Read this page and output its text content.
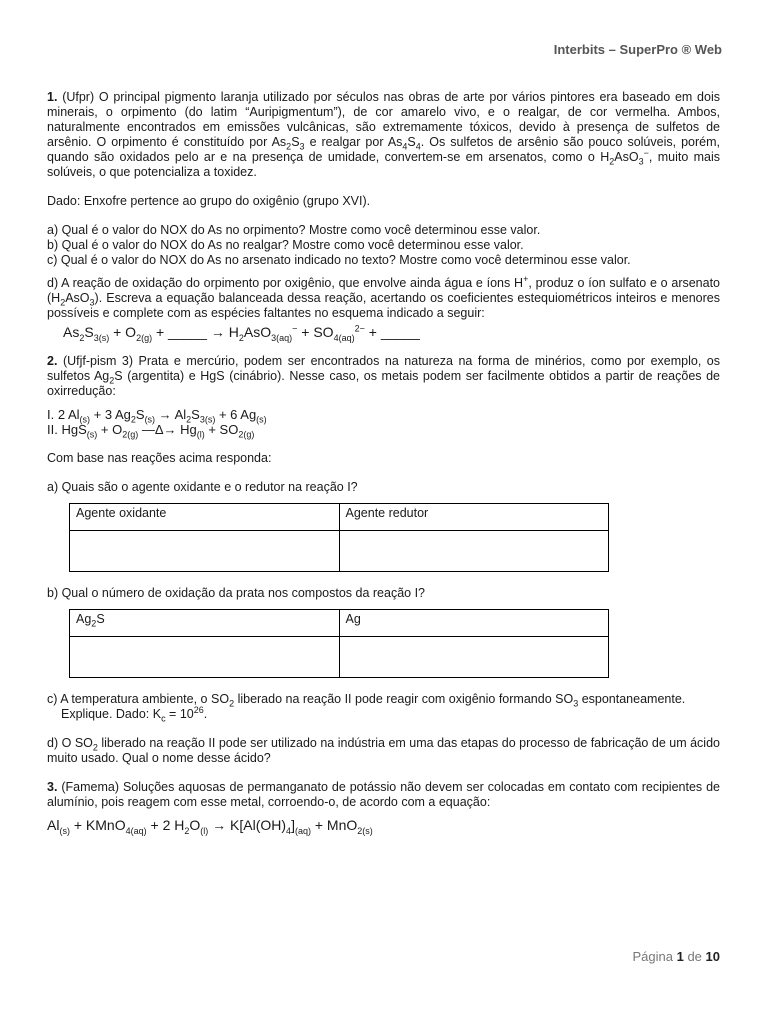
Interbits – SuperPro ® Web

1. (Ufpr) O principal pigmento laranja utilizado por séculos nas obras de arte por vários pintores era baseado em dois minerais, o orpimento (do latim “Auripigmentum”), de cor amarelo vivo, e o realgar, de cor vermelha. Ambos, naturalmente encontrados em emissões vulcânicas, são extremamente tóxicos, devido à presença de sulfetos de arsênio. O orpimento é constituído por $As_2S_3$ e realgar por $As_4S_4$. Os sulfetos de arsênio são pouco solúveis, porém, quando são oxidados pelo ar e na presença de umidade, convertem-se em arsenatos, como o $H_2AsO_3^-$, muito mais solúveis, o que potencializa a toxidez.

Dado: Enxofre pertence ao grupo do oxigênio (grupo XVI).

a) Qual é o valor do NOX do As no orpimento? Mostre como você determinou esse valor.

b) Qual é o valor do NOX do As no realgar? Mostre como você determinou esse valor.

c) Qual é o valor do NOX do As no arsenato indicado no texto? Mostre como você determinou esse valor.

d) A reação de oxidação do orpimento por oxigênio, que envolve ainda água e íons H+, produz o íon sulfato e o arsenato $(H_2AsO_3)$. Escreva a equação balanceada dessa reação, acertando os coeficientes estequiométricos inteiros e menores possíveis e complete com as espécies faltantes no esquema indicado a seguir:

$As_2S_{3(s)} + O_{2(g)}$ + _____ → $H_2AsO_{3(aq)}^- + SO_{4(aq)}^{2-}$ + _____

2. (Ufjf-pism 3) Prata e mercúrio, podem ser encontrados na natureza na forma de minérios, como por exemplo, os sulfetos $Ag_2S$ (argentita) e HgS (cinábrio). Nesse caso, os metais podem ser facilmente obtidos a partir de reações de oxirredução:

I. 2 $Al_{(s)} + 3$ $Ag_2S_{(s)} \to Al_2S_{3(s)} + 6$ $Ag_{(s)}$

II. $HgS_{(s)} + O_{2(g)}$ —Δ→ $Hg_{(l)} + SO_{2(g)}$

Com base nas reações acima responda:

a) Quais são o agente oxidante e o redutor na reação I?

Agente oxidante	Agente redutor

b) Qual o número de oxidação da prata nos compostos da reação I?

$Ag_2S$	Ag

c) A temperatura ambiente, o $SO_2$ liberado na reação II pode reagir com oxigênio formando $SO_3$ espontaneamente.

Explique. Dado: $K_c = 10^{26}$.

d) O $SO_2$ liberado na reação II pode ser utilizado na indústria em uma das etapas do processo de fabricação de um ácido muito usado. Qual o nome desse ácido?

3. (Famema) Soluções aquosas de permanganato de potássio não devem ser colocadas em contato com recipientes de alumínio, pois reagem com esse metal, corroendo-o, de acordo com a equação:

$Al_{(s)}$ + KMnO$_{4(aq)}$ + 2 $H_2O_{(l)} \to K[Al(OH)_4]_{(aq)} + MnO_{2(s)}$
Página 1 de 10
